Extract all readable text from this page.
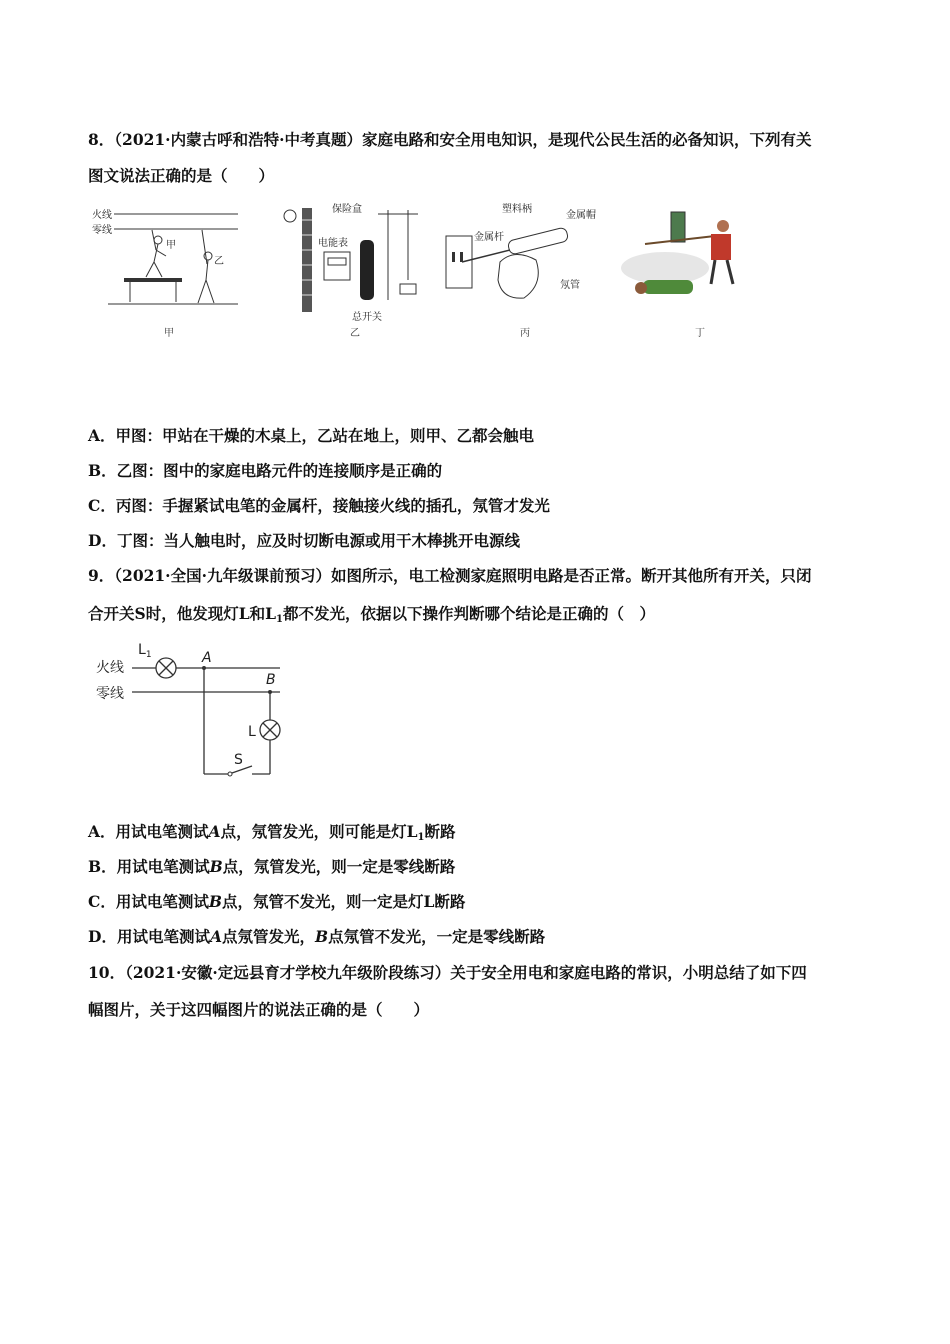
8．（2021·内蒙古呼和浩特·中考真题）家庭电路和安全用电知识，是现代公民生活的必备知识，下列有关
图文说法正确的是（　　）
火线
零线
甲
乙
甲
保险盒
电能表
总开关
乙
塑料柄
金属帽
金属杆
氖管
丙	丁
A．甲图：甲站在干燥的木桌上，乙站在地上，则甲、乙都会触电
B．乙图：图中的家庭电路元件的连接顺序是正确的
C．丙图：手握紧试电笔的金属杆，接触接火线的插孔，氖管才发光
D．丁图：当人触电时，应及时切断电源或用干木棒挑开电源线
9．（2021·全国·九年级课前预习）如图所示，电工检测家庭照明电路是否正常。断开其他所有开关，只闭
合开关S时，他发现灯L和$L_1$都不发光，依据以下操作判断哪个结论是正确的（　）
火线
零线
$L_1$	A
B
L
S
A．用试电笔测试A点，氖管发光，则可能是灯$L_1$断路
B．用试电笔测试B点，氖管发光，则一定是零线断路
C．用试电笔测试B点，氖管不发光，则一定是灯L断路
D．用试电笔测试A点氖管发光，B点氖管不发光，一定是零线断路
10．（2021·安徽·定远县育才学校九年级阶段练习）关于安全用电和家庭电路的常识，小明总结了如下四
幅图片，关于这四幅图片的说法正确的是（　　）
